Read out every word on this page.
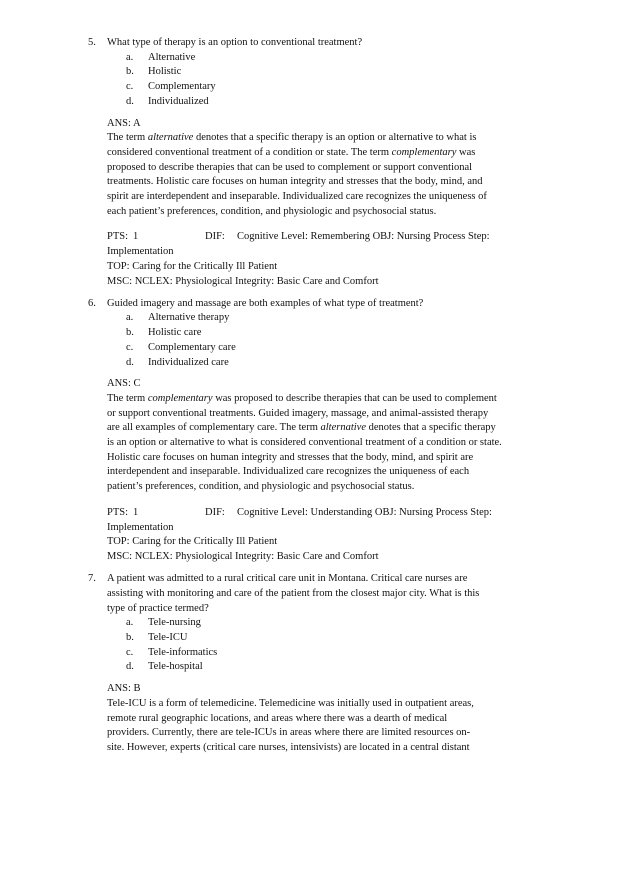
5.	What type of therapy is an option to conventional treatment?
a.	Alternative
b.	Holistic
c.	Complementary
d.	Individualized
ANS: A
The term alternative denotes that a specific therapy is an option or alternative to what is
considered conventional treatment of a condition or state. The term complementary was
proposed to describe therapies that can be used to complement or support conventional
treatments. Holistic care focuses on human integrity and stresses that the body, mind, and
spirit are interdependent and inseparable. Individualized care recognizes the uniqueness of
each patient’s preferences, condition, and physiologic and psychosocial status.
PTS: 1	DIF: Cognitive Level: Remembering OBJ: Nursing Process Step:
Implementation
TOP: Caring for the Critically Ill Patient
MSC: NCLEX: Physiological Integrity: Basic Care and Comfort
6.	Guided imagery and massage are both examples of what type of treatment?
a.	Alternative therapy
b.	Holistic care
c.	Complementary care
d.	Individualized care
ANS: C
The term complementary was proposed to describe therapies that can be used to complement
or support conventional treatments. Guided imagery, massage, and animal-assisted therapy
are all examples of complementary care. The term alternative denotes that a specific therapy
is an option or alternative to what is considered conventional treatment of a condition or state.
Holistic care focuses on human integrity and stresses that the body, mind, and spirit are
interdependent and inseparable. Individualized care recognizes the uniqueness of each
patient’s preferences, condition, and physiologic and psychosocial status.
PTS: 1	DIF: Cognitive Level: Understanding OBJ: Nursing Process Step:
Implementation
TOP: Caring for the Critically Ill Patient
MSC: NCLEX: Physiological Integrity: Basic Care and Comfort
7.	A patient was admitted to a rural critical care unit in Montana. Critical care nurses are
assisting with monitoring and care of the patient from the closest major city. What is this
type of practice termed?
a.	Tele-nursing
b.	Tele-ICU
c.	Tele-informatics
d.	Tele-hospital
ANS: B
Tele-ICU is a form of telemedicine. Telemedicine was initially used in outpatient areas,
remote rural geographic locations, and areas where there was a dearth of medical
providers. Currently, there are tele-ICUs in areas where there are limited resources on-
site. However, experts (critical care nurses, intensivists) are located in a central distant
